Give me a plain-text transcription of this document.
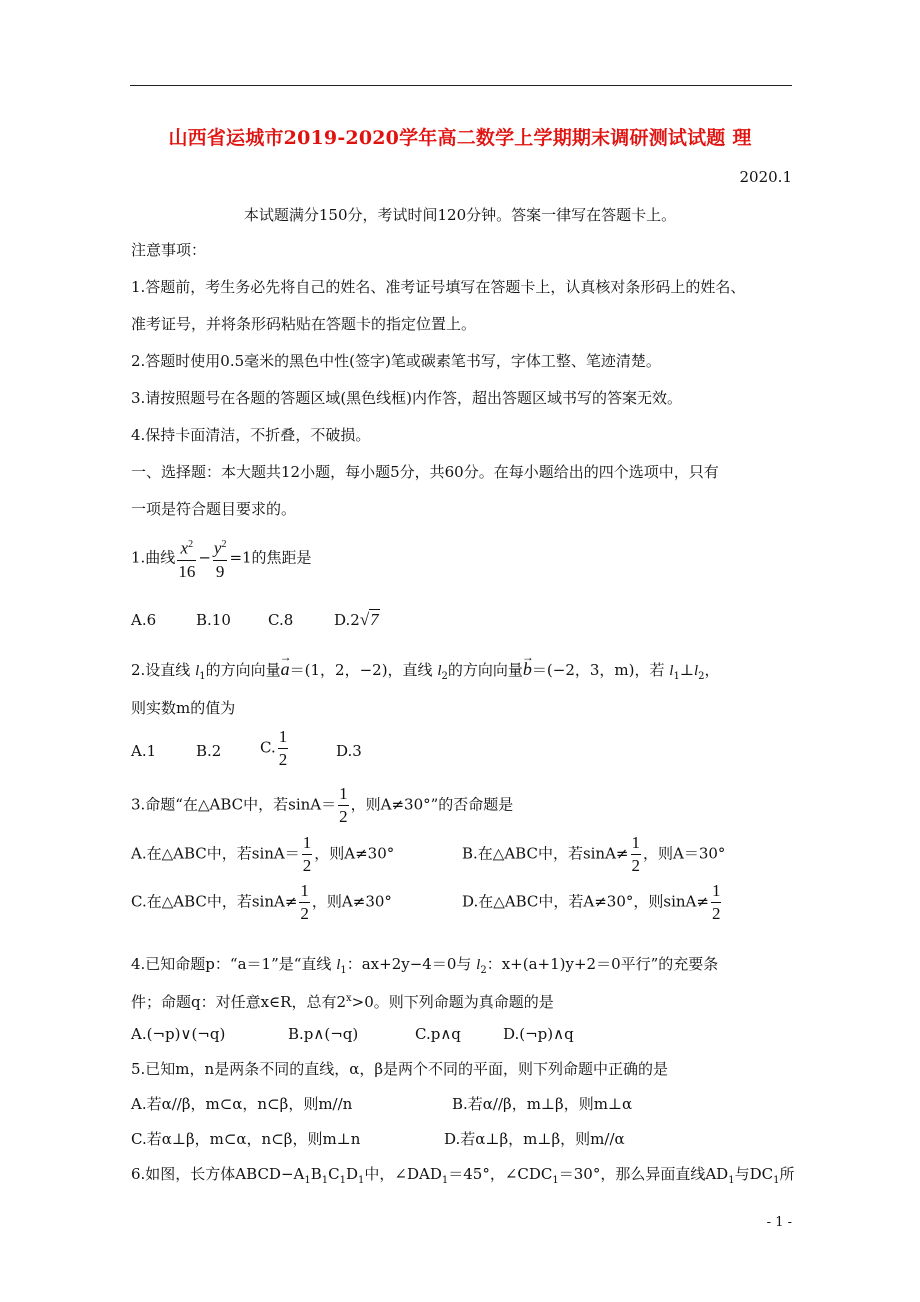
山西省运城市2019-2020学年高二数学上学期期末调研测试试题 理
2020.1
本试题满分150分，考试时间120分钟。答案一律写在答题卡上。
注意事项：
1.答题前，考生务必先将自己的姓名、准考证号填写在答题卡上，认真核对条形码上的姓名、
准考证号，并将条形码粘贴在答题卡的指定位置上。
2.答题时使用0.5毫米的黑色中性(签字)笔或碳素笔书写，字体工整、笔迹清楚。
3.请按照题号在各题的答题区域(黑色线框)内作答，超出答题区域书写的答案无效。
4.保持卡面清洁，不折叠，不破损。
一、选择题：本大题共12小题，每小题5分，共60分。在每小题给出的四个选项中，只有
一项是符合题目要求的。
1.曲线 $\frac{x^2}{16} - \frac{y^2}{9} =1$的焦距是
A.6	B.10 C.8	D.2√7
2.设直线 $l_1$的方向向量→ a＝(1，2，−2)，直线 $l_2$的方向向量→ b＝(−2，3，m)，若 $l_1\perp l_2$，
则实数m的值为
A.1	B.2	C. $\frac{1}{2}$	D.3
3.命题“在△ABC中，若$\sin A= \frac{1}{2}$ ，则A≠30°”的否命题是
A.在△ABC中，若$\sin A= \frac{1}{2}$ ，则A≠30°	B.在△ABC中，若$\sin A\ne \frac{1}{2}$ ，则A＝30°
C.在△ABC中，若$\sin A\ne \frac{1}{2}$ ，则A≠30°	D.在△ABC中，若A≠30°，则$\sin A\ne \frac{1}{2}$
4.已知命题p：“a＝1”是“直线 $l_1$：ax+2y−4＝0与 $l_2$：x+(a+1)y+2＝0平行”的充要条
件；命题q：对任意x∈R，总有$2^x>0$。则下列命题为真命题的是
A.(¬p)∨(¬q)	B.p∧(¬q)	C.p∧q	D.(¬p)∧q
5.已知m，n是两条不同的直线，α，β是两个不同的平面，则下列命题中正确的是
A.若α//β，m⊂α，n⊂β，则m//n	B.若α//β，m⊥β，则m⊥α
C.若α⊥β，m⊂α，n⊂β，则m⊥n	D.若α⊥β，m⊥β，则m//α
6.如图，长方体$ABCD-A_1B_1C_1D_1$中，$\angle DAD_1=45^\circ$，$\angle CDC_1=30^\circ$，那么异面直线$AD_1$与$DC_1$所
- 1 -
